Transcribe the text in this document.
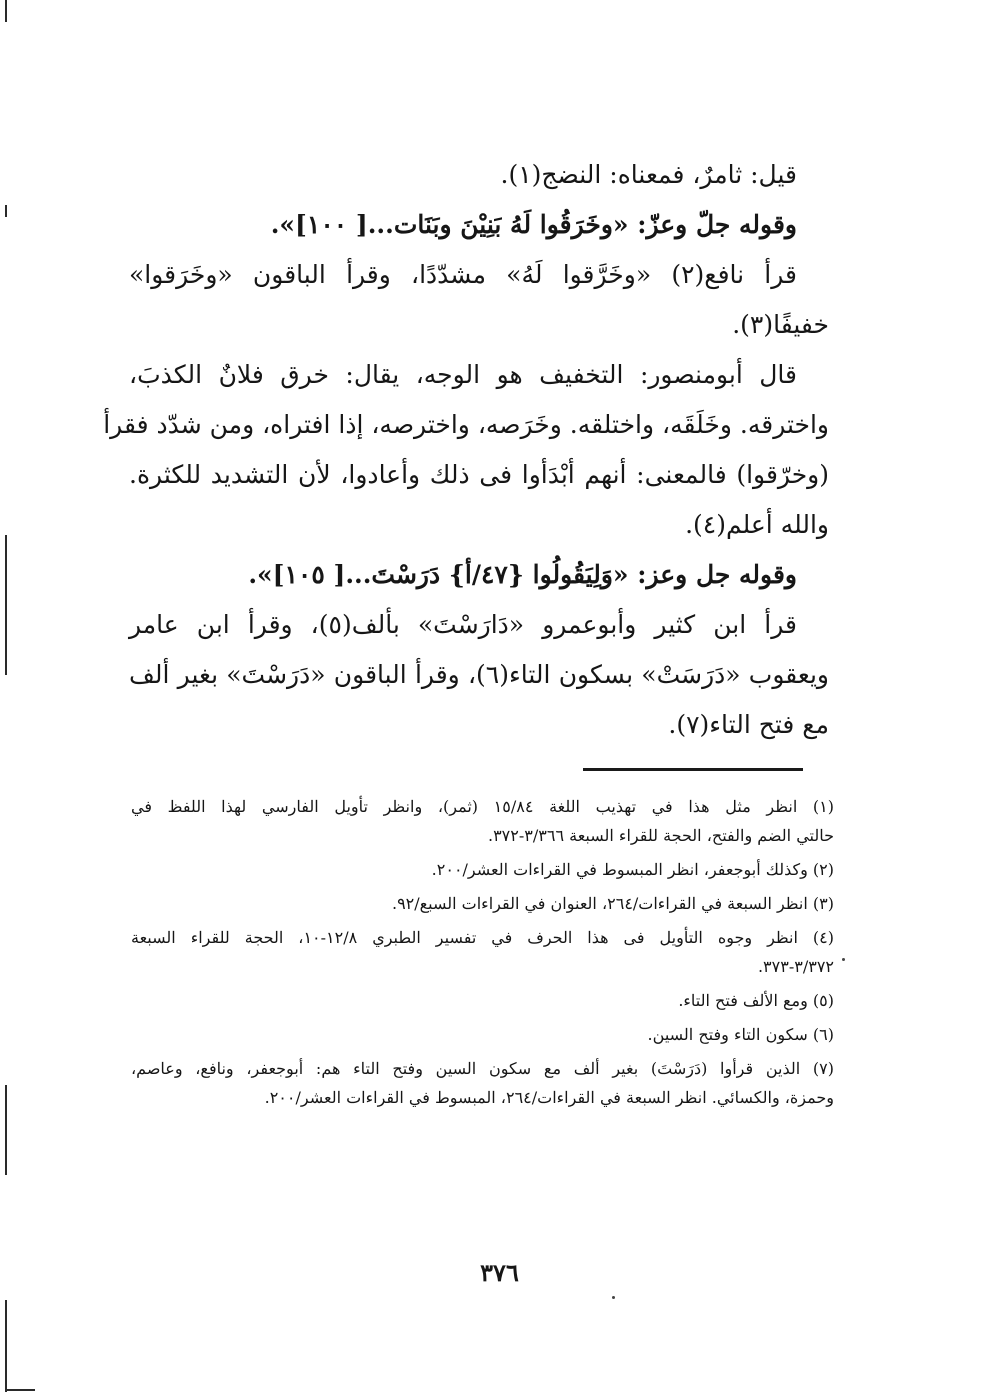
قيل: ثامرٌ، فمعناه: النضج(١).
وقوله جلّ وعزّ: «وخَرَقُوا لَهُ بَنِيْنَ وبَنَات...[ ١٠٠]».
قرأ نافع(٢) «وخَرَّقوا لَهُ» مشدّدًا، وقرأ الباقون «وخَرَقوا»
خفيفًا(٣).
قال أبومنصور: التخفيف هو الوجه، يقال: خرق فلانٌ الكذبَ،
واخترقه. وخَلَقَه، واختلقه. وخَرَصه، واخترصه، إذا افتراه، ومن شدّد فقرأ
(وخرّقوا) فالمعنى: أنهم أبْدَأوا فى ذلك وأعادوا، لأن التشديد للكثرة.
والله أعلم(٤).
وقوله جل وعز: «وَلِيَقُولُوا {٤٧/أ} دَرَسْتَ...[ ١٠٥]».
قرأ ابن كثير وأبوعمرو «دَارَسْتَ» بألف(٥)، وقرأ ابن عامر
ويعقوب «دَرَسَتْ» بسكون التاء(٦)، وقرأ الباقون «دَرَسْتَ» بغير ألف
مع فتح التاء(٧).
(١) انظر مثل هذا في تهذيب اللغة ١٥/٨٤ (ثمر)، وانظر تأويل الفارسي لهذا اللفظ في
حالتي الضم والفتح، الحجة للقراء السبعة ٣/٣٦٦-٣٧٢.
(٢) وكذلك أبوجعفر، انظر المبسوط في القراءات العشر/٢٠٠.
(٣) انظر السبعة في القراءات/٢٦٤، العنوان في القراءات السبع/٩٢.
(٤) انظر وجوه التأويل فى هذا الحرف في تفسير الطبري ١٢/٨-١٠، الحجة للقراء السبعة
٣/٣٧٢-٣٧٣.
(٥) ومع الألف فتح التاء.
(٦) سكون التاء وفتح السين.
(٧) الذين قرأوا (دَرَسْتَ) بغير ألف مع سكون السين وفتح التاء هم: أبوجعفر، ونافع، وعاصم،
وحمزة، والكسائي. انظر السبعة في القراءات/٢٦٤، المبسوط في القراءات العشر/٢٠٠.
٣٧٦
